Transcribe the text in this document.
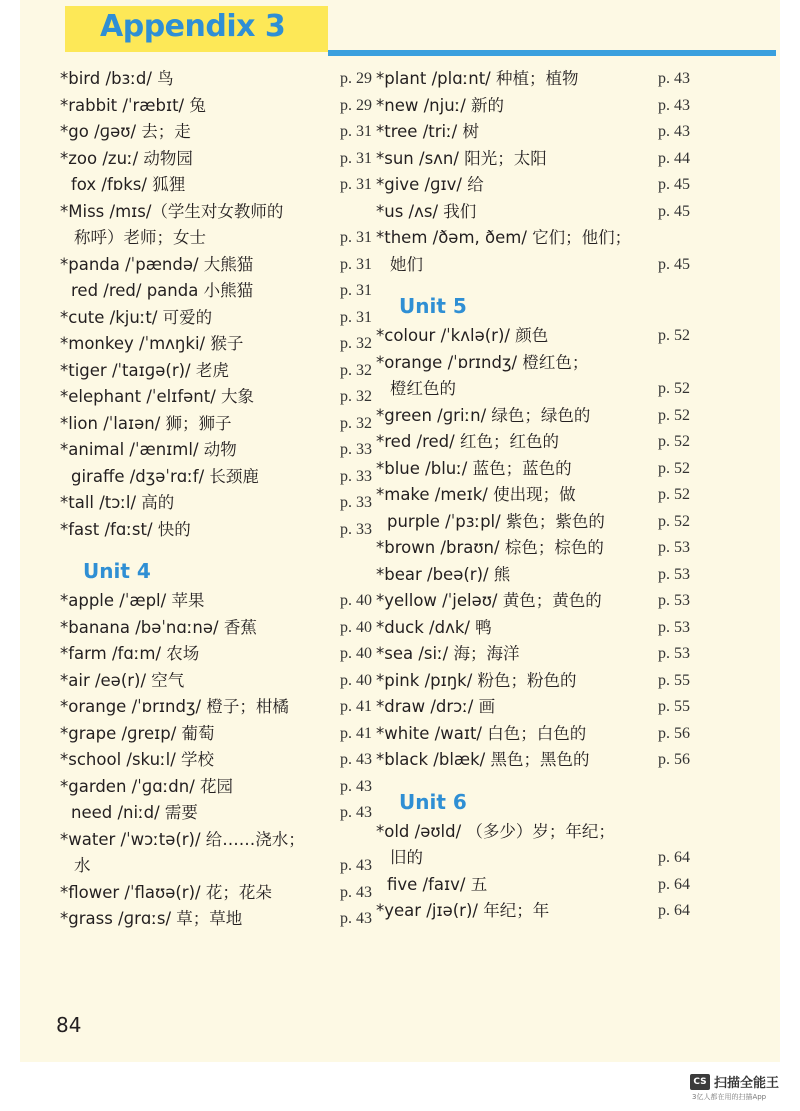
Appendix 3
*bird /bɜːd/ 鸟	p. 29
*rabbit /ˈræbɪt/ 兔	p. 29
*go /ɡəʊ/ 去；走	p. 31
*zoo /zuː/ 动物园	p. 31
fox /fɒks/ 狐狸	p. 31
*Miss /mɪs/（学生对女教师的
称呼）老师；女士	p. 31
*panda /ˈpændə/ 大熊猫	p. 31
red /red/ panda 小熊猫	p. 31
*cute /kjuːt/ 可爱的	p. 31
*monkey /ˈmʌŋki/ 猴子	p. 32
*tiger /ˈtaɪɡə(r)/ 老虎	p. 32
*elephant /ˈelɪfənt/ 大象	p. 32
*lion /ˈlaɪən/ 狮；狮子	p. 32
*animal /ˈænɪml/ 动物	p. 33
giraffe /dʒəˈrɑːf/ 长颈鹿	p. 33
*tall /tɔːl/ 高的	p. 33
*fast /fɑːst/ 快的	p. 33
Unit 4
*apple /ˈæpl/ 苹果	p. 40
*banana /bəˈnɑːnə/ 香蕉	p. 40
*farm /fɑːm/ 农场	p. 40
*air /eə(r)/ 空气	p. 40
*orange /ˈɒrɪndʒ/ 橙子；柑橘	p. 41
*grape /ɡreɪp/ 葡萄	p. 41
*school /skuːl/ 学校	p. 43
*garden /ˈɡɑːdn/ 花园	p. 43
need /niːd/ 需要	p. 43
*water /ˈwɔːtə(r)/ 给……浇水；
水	p. 43
*flower /ˈflaʊə(r)/ 花；花朵	p. 43
*grass /ɡrɑːs/ 草；草地	p. 43
*plant /plɑːnt/ 种植；植物	p. 43
*new /njuː/ 新的	p. 43
*tree /triː/ 树	p. 43
*sun /sʌn/ 阳光；太阳	p. 44
*give /ɡɪv/ 给	p. 45
*us /ʌs/ 我们	p. 45
*them /ðəm, ðem/ 它们；他们；
她们	p. 45
Unit 5
*colour /ˈkʌlə(r)/ 颜色	p. 52
*orange /ˈɒrɪndʒ/ 橙红色；
橙红色的	p. 52
*green /ɡriːn/ 绿色；绿色的	p. 52
*red /red/ 红色；红色的	p. 52
*blue /bluː/ 蓝色；蓝色的	p. 52
*make /meɪk/ 使出现；做	p. 52
purple /ˈpɜːpl/ 紫色；紫色的	p. 52
*brown /braʊn/ 棕色；棕色的	p. 53
*bear /beə(r)/ 熊	p. 53
*yellow /ˈjeləʊ/ 黄色；黄色的	p. 53
*duck /dʌk/ 鸭	p. 53
*sea /siː/ 海；海洋	p. 53
*pink /pɪŋk/ 粉色；粉色的	p. 55
*draw /drɔː/ 画	p. 55
*white /waɪt/ 白色；白色的	p. 56
*black /blæk/ 黑色；黑色的	p. 56
Unit 6
*old /əʊld/ （多少）岁；年纪；
旧的	p. 64
five /faɪv/ 五	p. 64
*year /jɪə(r)/ 年纪；年	p. 64
84
CS 扫描全能王
3亿人都在用的扫描App
